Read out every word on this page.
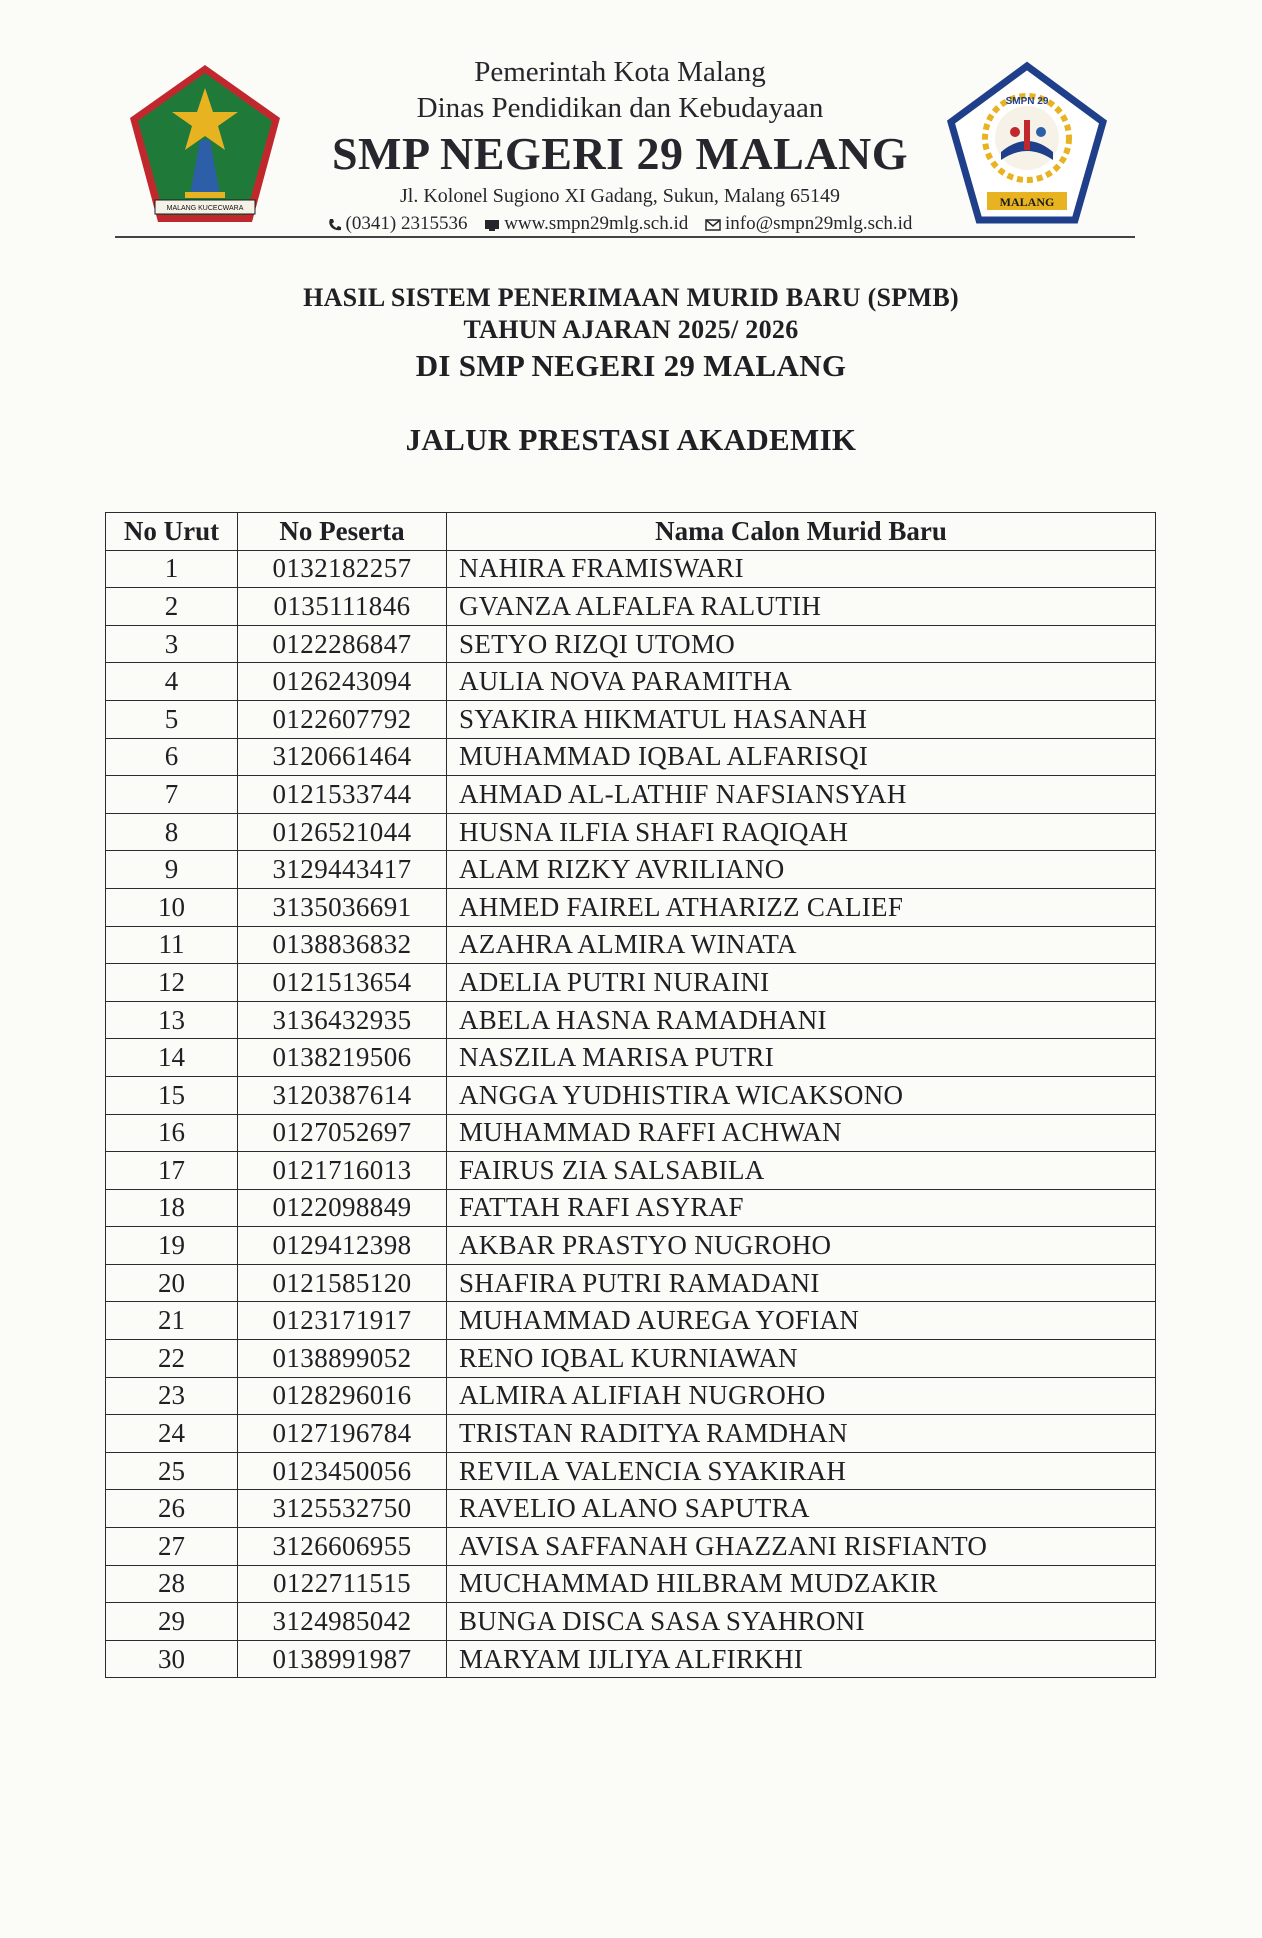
MALANG KUCECWARA
Pemerintah Kota Malang
Dinas Pendidikan dan Kebudayaan
SMP NEGERI 29 MALANG
Jl. Kolonel Sugiono XI Gadang, Sukun, Malang 65149
(0341) 2315536 www.smpn29mlg.sch.id info@smpn29mlg.sch.id
SMPN 29
MALANG
HASIL SISTEM PENERIMAAN MURID BARU (SPMB)
TAHUN AJARAN 2025/ 2026
DI SMP NEGERI 29 MALANG
JALUR PRESTASI AKADEMIK
No Urut	No Peserta	Nama Calon Murid Baru
1	0132182257	NAHIRA FRAMISWARI
2	0135111846	GVANZA ALFALFA RALUTIH
3	0122286847	SETYO RIZQI UTOMO
4	0126243094	AULIA NOVA PARAMITHA
5	0122607792	SYAKIRA HIKMATUL HASANAH
6	3120661464	MUHAMMAD IQBAL ALFARISQI
7	0121533744	AHMAD AL-LATHIF NAFSIANSYAH
8	0126521044	HUSNA ILFIA SHAFI RAQIQAH
9	3129443417	ALAM RIZKY AVRILIANO
10	3135036691	AHMED FAIREL ATHARIZZ CALIEF
11	0138836832	AZAHRA ALMIRA WINATA
12	0121513654	ADELIA PUTRI NURAINI
13	3136432935	ABELA HASNA RAMADHANI
14	0138219506	NASZILA MARISA PUTRI
15	3120387614	ANGGA YUDHISTIRA WICAKSONO
16	0127052697	MUHAMMAD RAFFI ACHWAN
17	0121716013	FAIRUS ZIA SALSABILA
18	0122098849	FATTAH RAFI ASYRAF
19	0129412398	AKBAR PRASTYO NUGROHO
20	0121585120	SHAFIRA PUTRI RAMADANI
21	0123171917	MUHAMMAD AUREGA YOFIAN
22	0138899052	RENO IQBAL KURNIAWAN
23	0128296016	ALMIRA ALIFIAH NUGROHO
24	0127196784	TRISTAN RADITYA RAMDHAN
25	0123450056	REVILA VALENCIA SYAKIRAH
26	3125532750	RAVELIO ALANO SAPUTRA
27	3126606955	AVISA SAFFANAH GHAZZANI RISFIANTO
28	0122711515	MUCHAMMAD HILBRAM MUDZAKIR
29	3124985042	BUNGA DISCA SASA SYAHRONI
30	0138991987	MARYAM IJLIYA ALFIRKHI
